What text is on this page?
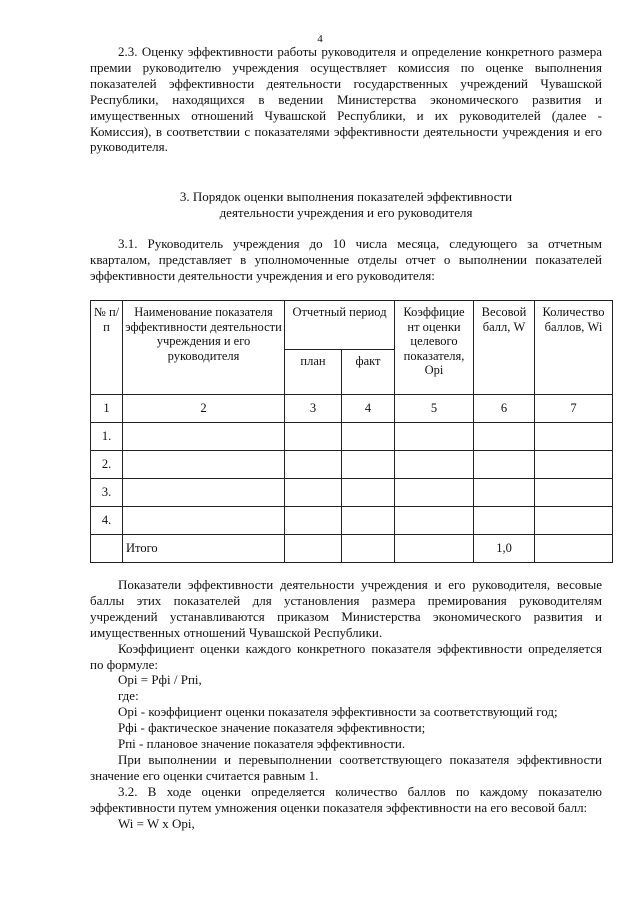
4
2.3. Оценку эффективности работы руководителя и определение конкретного размера премии руководителю учреждения осуществляет комиссия по оценке выполнения показателей эффективности деятельности государственных учреждений Чувашской Республики, находящихся в ведении Министерства экономического развития и имущественных отношений Чувашской Республики, и их руководителей (далее - Комиссия), в соответствии с показателями эффективности деятельности учреждения и его руководителя.
3. Порядок оценки выполнения показателей эффективности
деятельности учреждения и его руководителя
3.1. Руководитель учреждения до 10 числа месяца, следующего за отчетным кварталом, представляет в уполномоченные отделы отчет о выполнении показателей эффективности деятельности учреждения и его руководителя:
№ п/п	Наименование показателя эффективности деятельности учреждения и его руководителя	Отчетный период		Коэффицие нт оценки целевого показателя, Opi	Весовой балл, W	Количество баллов, Wi
		план	факт			
1	2	3	4	5	6	7
1.						
2.						
3.						
4.						
	Итого				1,0	

Показатели эффективности деятельности учреждения и его руководителя, весовые баллы этих показателей для установления размера премирования руководителям учреждений устанавливаются приказом Министерства экономического развития и имущественных отношений Чувашской Республики.

Коэффициент оценки каждого конкретного показателя эффективности определяется по формуле:

Opi = Рфi / Рпi,

где:

Opi - коэффициент оценки показателя эффективности за соответствующий год;

Рфi - фактическое значение показателя эффективности;

Рпi - плановое значение показателя эффективности.

При выполнении и перевыполнении соответствующего показателя эффективности значение его оценки считается равным 1.

3.2. В ходе оценки определяется количество баллов по каждому показателю эффективности путем умножения оценки показателя эффективности на его весовой балл:

Wi = W x Opi,
